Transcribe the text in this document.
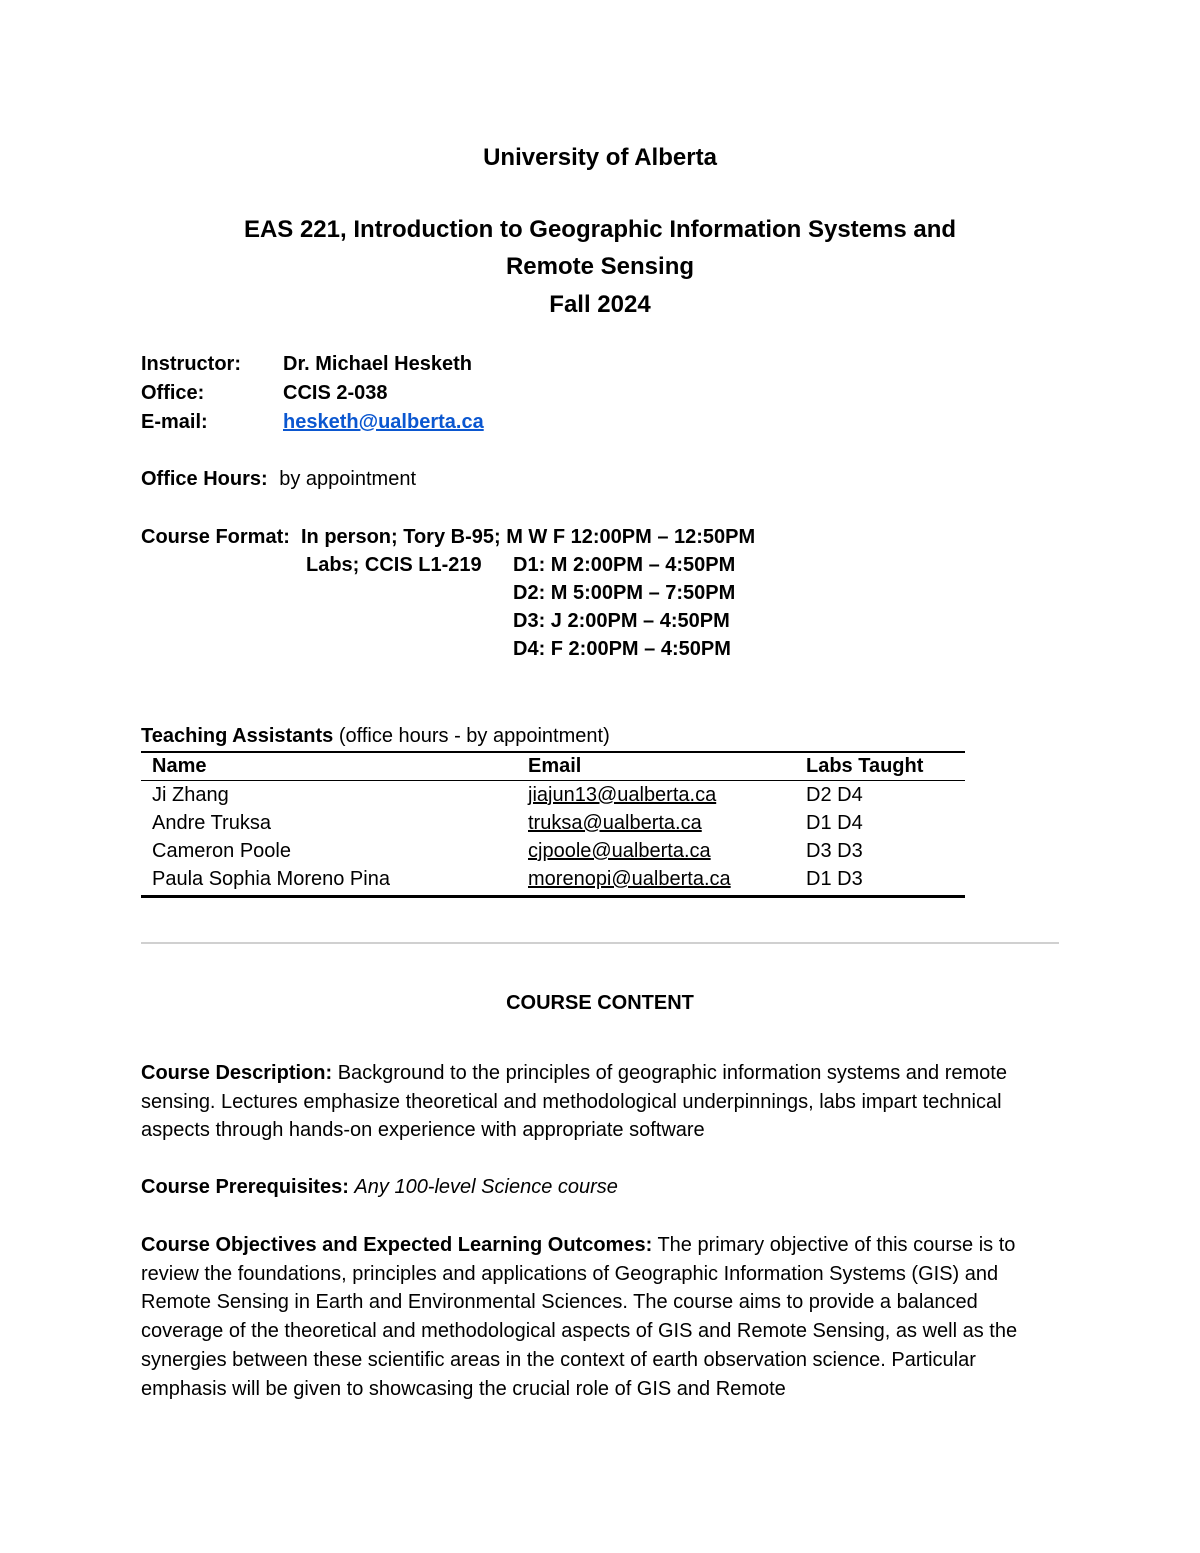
University of Alberta
EAS 221, Introduction to Geographic Information Systems and
Remote Sensing
Fall 2024
Instructor: Dr. Michael Hesketh
Office:	CCIS 2-038
E-mail:	hesketh@ualberta.ca
Office Hours: by appointment
Course Format: In person; Tory B-95; M W F 12:00PM – 12:50PM
Labs; CCIS L1-219 D1: M 2:00PM – 4:50PM
D2: M 5:00PM – 7:50PM
D3: J 2:00PM – 4:50PM
D4: F 2:00PM – 4:50PM
Teaching Assistants (office hours - by appointment)
Name	Email	Labs Taught
Ji Zhang	jiajun13@ualberta.ca	D2 D4
Andre Truksa	truksa@ualberta.ca	D1 D4
Cameron Poole	cjpoole@ualberta.ca	D3 D3
Paula Sophia Moreno Pina	morenopi@ualberta.ca	D1 D3
COURSE CONTENT
Course Description: Background to the principles of geographic information systems and remote sensing. Lectures emphasize theoretical and methodological underpinnings, labs impart technical aspects through hands-on experience with appropriate software
Course Prerequisites: Any 100-level Science course
Course Objectives and Expected Learning Outcomes: The primary objective of this course is to review the foundations, principles and applications of Geographic Information Systems (GIS) and Remote Sensing in Earth and Environmental Sciences. The course aims to provide a balanced coverage of the theoretical and methodological aspects of GIS and Remote Sensing, as well as the synergies between these scientific areas in the context of earth observation science. Particular emphasis will be given to showcasing the crucial role of GIS and Remote
